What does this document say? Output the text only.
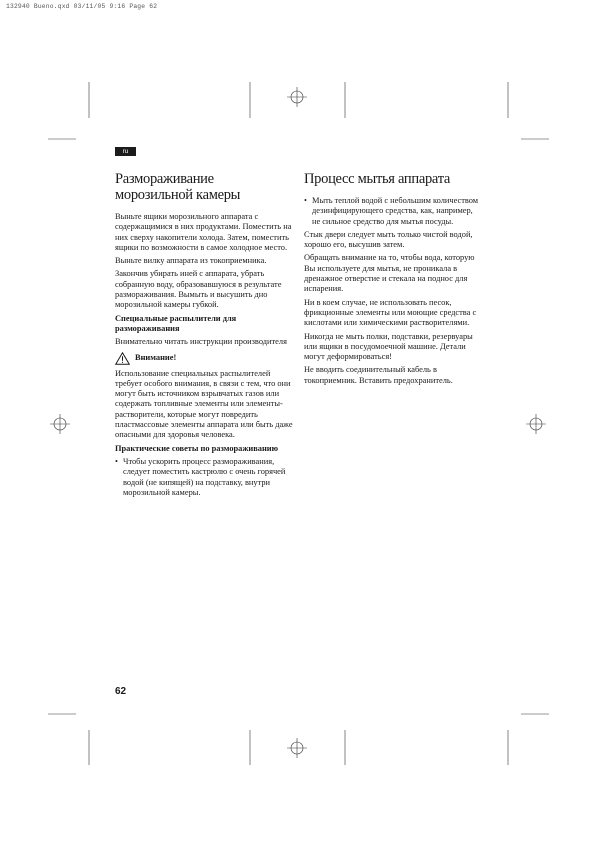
132940 Bueno.qxd 03/11/05 9:16 Page 62
ru
Размораживание морозильной камеры

Выньте ящики морозильного аппарата с содержащимися в них продуктами. Поместить на них сверху накопители холода. Затем, поместить ящики по возможности в самое холодное место.

Выньте вилку аппарата из токоприемника.

Закончив убирать иней с аппарата, убрать собранную воду, образовавшуюся в результате размораживания. Вымыть и высушить дно морозильной камеры губкой.

Специальные распылители для размораживания

Внимательно читать инструкции производителя

Внимание!

Использование специальных распылителей требует особого внимания, в связи с тем, что они могут быть источником взрывчатых газов или содержать топливные элементы или элементы-растворители, которые могут повредить пластмассовые элементы аппарата или быть даже опасными для здоровья человека.

Практические советы по размораживанию

• Чтобы ускорить процесс размораживания, следует поместить кастрюлю с очень горячей водой (не кипящей) на подставку, внутри морозильной камеры.
Процесс мытья аппарата
• Мыть теплой водой с небольшим количеством дезинфицирующего средства, как, например, не сильное средство для мытья посуды.

Стык двери следует мыть только чистой водой, хорошо его, высушив затем.

Обращать внимание на то, чтобы вода, которую Вы используете для мытья, не проникала в дренажное отверстие и стекала на поднос для испарения.

Ни в коем случае, не использовать песок, фрикционные элементы или моющие средства с кислотами или химическими растворителями.

Никогда не мыть полки, подставки, резервуары или ящики в посудомоечной машине. Детали могут деформироваться!

Не вводить соединительный кабель в токоприемник. Вставить предохранитель.

62
